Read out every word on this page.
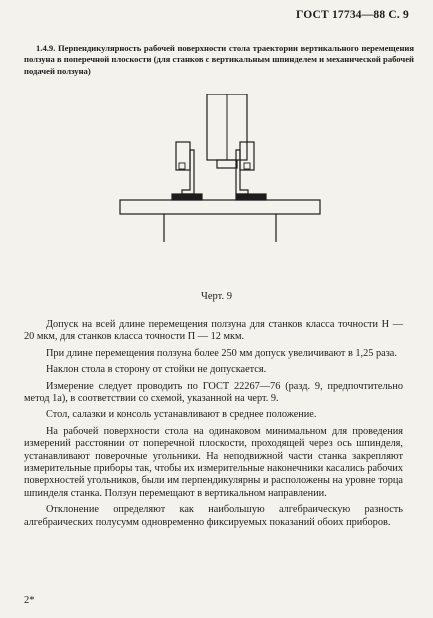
ГОСТ 17734—88 С. 9
1.4.9. Перпендикулярность рабочей поверхности стола траектории вертикального перемещения ползуна в поперечной плоскости (для станков с вертикальным шпинделем и механической рабочей подачей ползуна)
Черт. 9

Допуск на всей длине перемещения ползуна для станков класса точности Н — 20 мкм, для станков класса точности П — 12 мкм.

При длине перемещения ползуна более 250 мм допуск увеличивают в 1,25 раза.

Наклон стола в сторону от стойки не допускается.

Измерение следует проводить по ГОСТ 22267—76 (разд. 9, предпочтительно метод 1а), в соответствии со схемой, указанной на черт. 9.

Стол, салазки и консоль устанавливают в среднее положение.

На рабочей поверхности стола на одинаковом минимальном для проведения измерений расстоянии от поперечной плоскости, проходящей через ось шпинделя, устанавливают поверочные угольники. На неподвижной части станка закрепляют измерительные приборы так, чтобы их измерительные наконечники касались рабочих поверхностей угольников, были им перпендикулярны и расположены на уровне торца шпинделя станка. Ползун перемещают в вертикальном направлении.

Отклонение определяют как наибольшую алгебраическую разность алгебраических полусумм одновременно фиксируемых показаний обоих приборов.

2*
